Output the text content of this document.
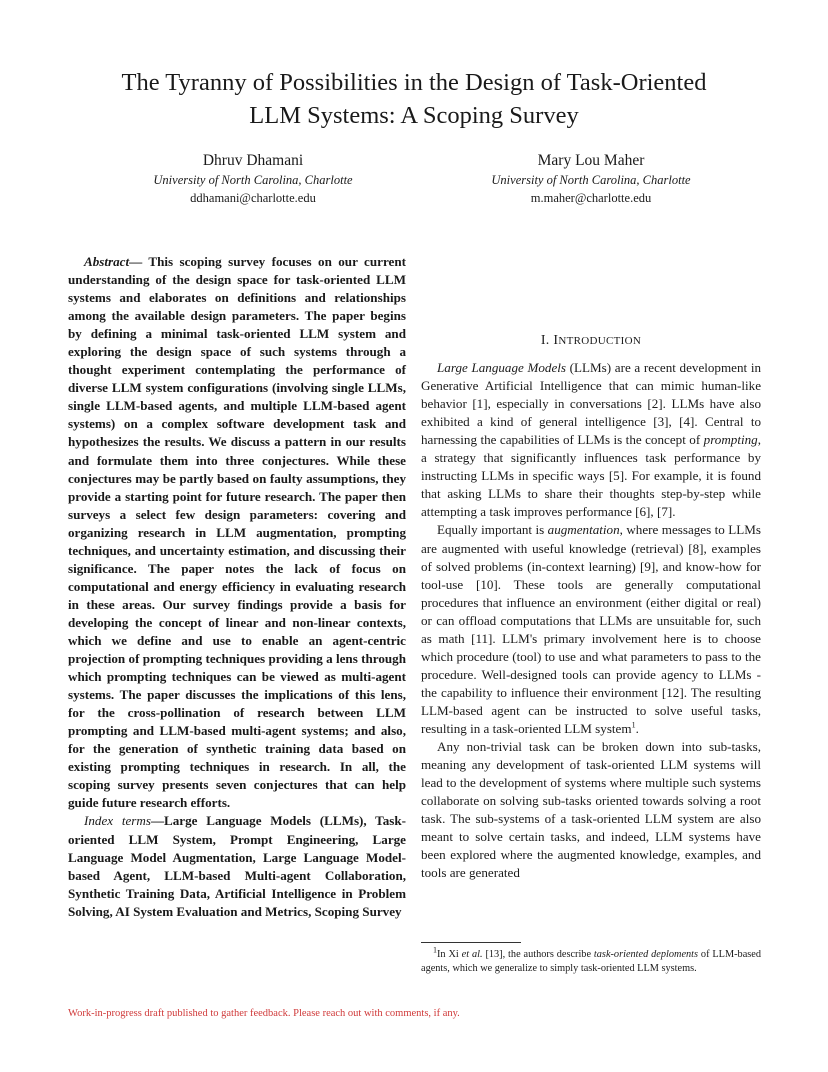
The Tyranny of Possibilities in the Design of Task-Oriented
LLM Systems: A Scoping Survey
Dhruv Dhamani
University of North Carolina, Charlotte
ddhamani@charlotte.edu
Mary Lou Maher
University of North Carolina, Charlotte
m.maher@charlotte.edu

Abstract— This scoping survey focuses on our current understanding of the design space for task-oriented LLM systems and elaborates on definitions and relationships among the available design parameters. The paper begins by defining a minimal task-oriented LLM system and exploring the design space of such systems through a thought experiment contemplating the performance of diverse LLM system configurations (involving single LLMs, single LLM-based agents, and multiple LLM-based agent systems) on a complex software development task and hypothesizes the results. We discuss a pattern in our results and formulate them into three conjectures. While these conjectures may be partly based on faulty assumptions, they provide a starting point for future research. The paper then surveys a select few design parameters: covering and organizing research in LLM augmentation, prompting techniques, and uncertainty estimation, and discussing their significance. The paper notes the lack of focus on computational and energy efficiency in evaluating research in these areas. Our survey findings provide a basis for developing the concept of linear and non-linear contexts, which we define and use to enable an agent-centric projection of prompting techniques providing a lens through which prompting techniques can be viewed as multi-agent systems. The paper discusses the implications of this lens, for the cross-pollination of research between LLM prompting and LLM-based multi-agent systems; and also, for the generation of synthetic training data based on existing prompting techniques in research. In all, the scoping survey presents seven conjectures that can help guide future research efforts.

Index terms—Large Language Models (LLMs), Task-oriented LLM System, Prompt Engineering, Large Language Model Augmentation, Large Language Model-based Agent, LLM-based Multi-agent Collaboration, Synthetic Training Data, Artificial Intelligence in Problem Solving, AI System Evaluation and Metrics, Scoping Survey

I. INTRODUCTION

Large Language Models (LLMs) are a recent development in Generative Artificial Intelligence that can mimic human-like behavior [1], especially in conversations [2]. LLMs have also exhibited a kind of general intelligence [3], [4]. Central to harnessing the capabilities of LLMs is the concept of prompting, a strategy that significantly influences task performance by instructing LLMs in specific ways [5]. For example, it is found that asking LLMs to share their thoughts step-by-step while attempting a task improves performance [6], [7].

Equally important is augmentation, where messages to LLMs are augmented with useful knowledge (retrieval) [8], examples of solved problems (in-context learning) [9], and know-how for tool-use [10]. These tools are generally computational procedures that influence an environment (either digital or real) or can offload computations that LLMs are unsuitable for, such as math [11]. LLM's primary involvement here is to choose which procedure (tool) to use and what parameters to pass to the procedure. Well-designed tools can provide agency to LLMs - the capability to influence their environment [12]. The resulting LLM-based agent can be instructed to solve useful tasks, resulting in a task-oriented LLM system$^1$.

Any non-trivial task can be broken down into sub-tasks, meaning any development of task-oriented LLM systems will lead to the development of systems where multiple such systems collaborate on solving sub-tasks oriented towards solving a root task. The sub-systems of a task-oriented LLM system are also meant to solve certain tasks, and indeed, LLM systems have been explored where the augmented knowledge, examples, and tools are generated

$^1$In Xi et al. [13], the authors describe task-oriented deploments of LLM-based agents, which we generalize to simply task-oriented LLM systems.
Work-in-progress draft published to gather feedback. Please reach out with comments, if any.
